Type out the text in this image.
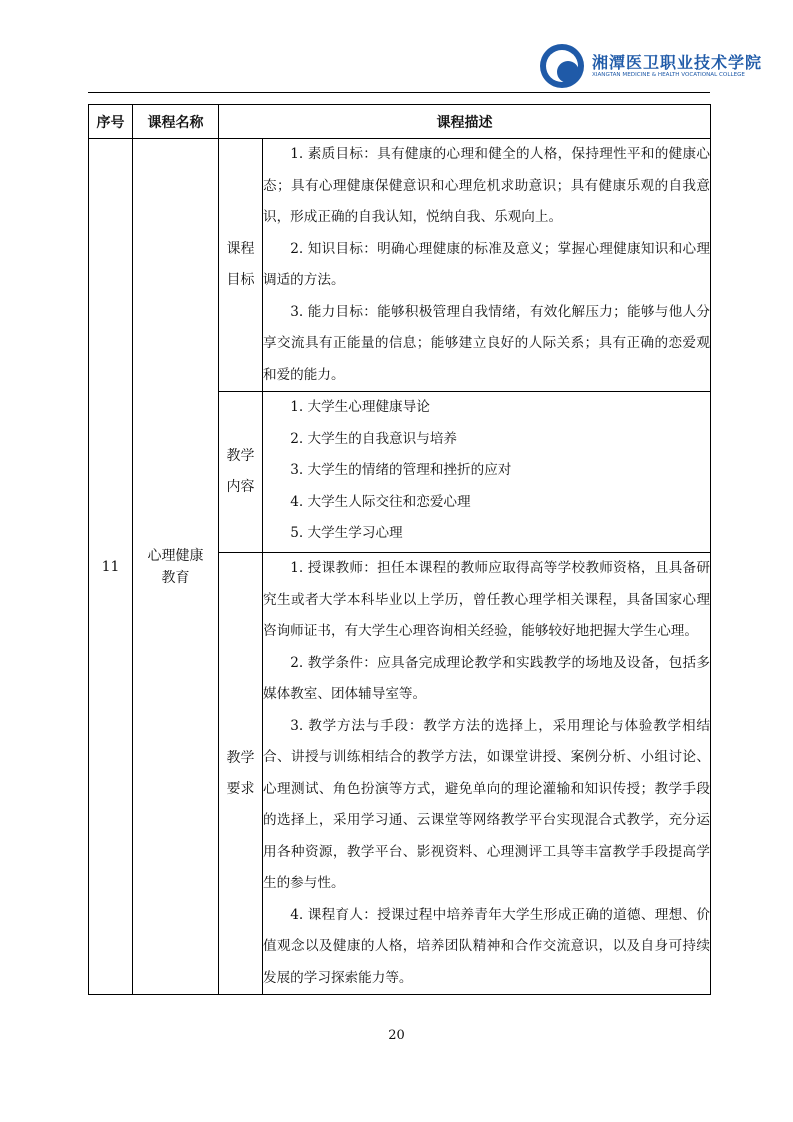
湘潭医卫职业技术学院
XIANGTAN MEDICINE & HEALTH VOCATIONAL COLLEGE
序号	课程名称	课程描述	
11	心理健康教育	课程目标	1. 素质目标：具有健康的心理和健全的人格，保持理性平和的健康心态；具有心理健康保健意识和心理危机求助意识；具有健康乐观的自我意识，形成正确的自我认知，悦纳自我、乐观向上。

2. 知识目标：明确心理健康的标准及意义；掌握心理健康知识和心理调适的方法。

3. 能力目标：能够积极管理自我情绪，有效化解压力；能够与他人分享交流具有正能量的信息；能够建立良好的人际关系；具有正确的恋爱观和爱的能力。

		教学内容	1. 大学生心理健康导论

2. 大学生的自我意识与培养

3. 大学生的情绪的管理和挫折的应对

4. 大学生人际交往和恋爱心理

5. 大学生学习心理

		教学要求	1. 授课教师：担任本课程的教师应取得高等学校教师资格，且具备研究生或者大学本科毕业以上学历，曾任教心理学相关课程，具备国家心理咨询师证书，有大学生心理咨询相关经验，能够较好地把握大学生心理。

2. 教学条件：应具备完成理论教学和实践教学的场地及设备，包括多媒体教室、团体辅导室等。

3. 教学方法与手段：教学方法的选择上，采用理论与体验教学相结合、讲授与训练相结合的教学方法，如课堂讲授、案例分析、小组讨论、心理测试、角色扮演等方式，避免单向的理论灌输和知识传授；教学手段的选择上，采用学习通、云课堂等网络教学平台实现混合式教学，充分运用各种资源，教学平台、影视资料、心理测评工具等丰富教学手段提高学生的参与性。

4. 课程育人：授课过程中培养青年大学生形成正确的道德、理想、价值观念以及健康的人格，培养团队精神和合作交流意识，以及自身可持续发展的学习探索能力等。

20
